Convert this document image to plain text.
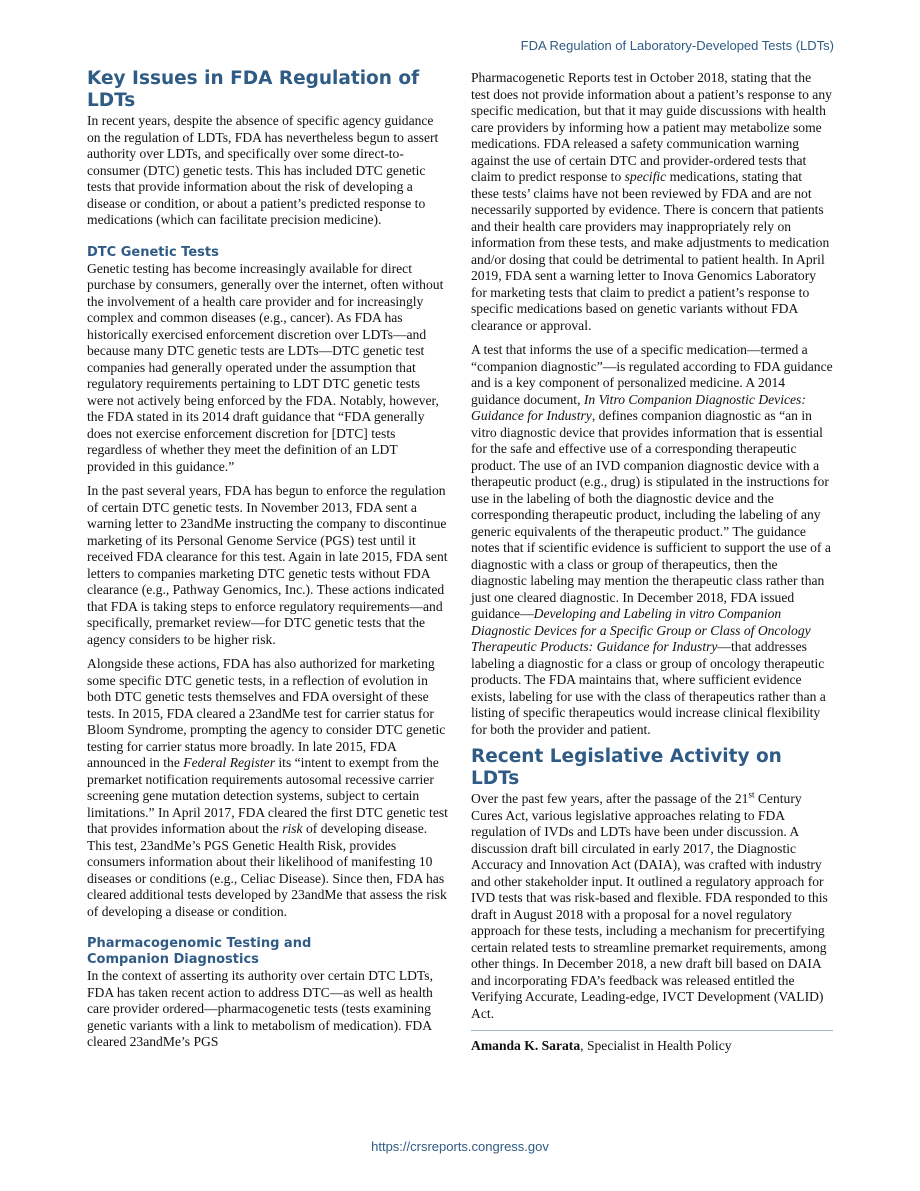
FDA Regulation of Laboratory-Developed Tests (LDTs)
Key Issues in FDA Regulation of LDTs

In recent years, despite the absence of specific agency guidance on the regulation of LDTs, FDA has nevertheless begun to assert authority over LDTs, and specifically over some direct-to-consumer (DTC) genetic tests. This has included DTC genetic tests that provide information about the risk of developing a disease or condition, or about a patient’s predicted response to medications (which can facilitate precision medicine).

DTC Genetic Tests

Genetic testing has become increasingly available for direct purchase by consumers, generally over the internet, often without the involvement of a health care provider and for increasingly complex and common diseases (e.g., cancer). As FDA has historically exercised enforcement discretion over LDTs—and because many DTC genetic tests are LDTs—DTC genetic test companies had generally operated under the assumption that regulatory requirements pertaining to LDT DTC genetic tests were not actively being enforced by the FDA. Notably, however, the FDA stated in its 2014 draft guidance that “FDA generally does not exercise enforcement discretion for [DTC] tests regardless of whether they meet the definition of an LDT provided in this guidance.”

In the past several years, FDA has begun to enforce the regulation of certain DTC genetic tests. In November 2013, FDA sent a warning letter to 23andMe instructing the company to discontinue marketing of its Personal Genome Service (PGS) test until it received FDA clearance for this test. Again in late 2015, FDA sent letters to companies marketing DTC genetic tests without FDA clearance (e.g., Pathway Genomics, Inc.). These actions indicated that FDA is taking steps to enforce regulatory requirements—and specifically, premarket review—for DTC genetic tests that the agency considers to be higher risk.

Alongside these actions, FDA has also authorized for marketing some specific DTC genetic tests, in a reflection of evolution in both DTC genetic tests themselves and FDA oversight of these tests. In 2015, FDA cleared a 23andMe test for carrier status for Bloom Syndrome, prompting the agency to consider DTC genetic testing for carrier status more broadly. In late 2015, FDA announced in the Federal Register its “intent to exempt from the premarket notification requirements autosomal recessive carrier screening gene mutation detection systems, subject to certain limitations.” In April 2017, FDA cleared the first DTC genetic test that provides information about the risk of developing disease. This test, 23andMe’s PGS Genetic Health Risk, provides consumers information about their likelihood of manifesting 10 diseases or conditions (e.g., Celiac Disease). Since then, FDA has cleared additional tests developed by 23andMe that assess the risk of developing a disease or condition.

Pharmacogenomic Testing and
Companion Diagnostics

In the context of asserting its authority over certain DTC LDTs, FDA has taken recent action to address DTC—as well as health care provider ordered—pharmacogenetic tests (tests examining genetic variants with a link to metabolism of medication). FDA cleared 23andMe’s PGS

Pharmacogenetic Reports test in October 2018, stating that the test does not provide information about a patient’s response to any specific medication, but that it may guide discussions with health care providers by informing how a patient may metabolize some medications. FDA released a safety communication warning against the use of certain DTC and provider-ordered tests that claim to predict response to specific medications, stating that these tests’ claims have not been reviewed by FDA and are not necessarily supported by evidence. There is concern that patients and their health care providers may inappropriately rely on information from these tests, and make adjustments to medication and/or dosing that could be detrimental to patient health. In April 2019, FDA sent a warning letter to Inova Genomics Laboratory for marketing tests that claim to predict a patient’s response to specific medications based on genetic variants without FDA clearance or approval.

A test that informs the use of a specific medication—termed a “companion diagnostic”—is regulated according to FDA guidance and is a key component of personalized medicine. A 2014 guidance document, In Vitro Companion Diagnostic Devices: Guidance for Industry, defines companion diagnostic as “an in vitro diagnostic device that provides information that is essential for the safe and effective use of a corresponding therapeutic product. The use of an IVD companion diagnostic device with a therapeutic product (e.g., drug) is stipulated in the instructions for use in the labeling of both the diagnostic device and the corresponding therapeutic product, including the labeling of any generic equivalents of the therapeutic product.” The guidance notes that if scientific evidence is sufficient to support the use of a diagnostic with a class or group of therapeutics, then the diagnostic labeling may mention the therapeutic class rather than just one cleared diagnostic. In December 2018, FDA issued guidance—Developing and Labeling in vitro Companion Diagnostic Devices for a Specific Group or Class of Oncology Therapeutic Products: Guidance for Industry—that addresses labeling a diagnostic for a class or group of oncology therapeutic products. The FDA maintains that, where sufficient evidence exists, labeling for use with the class of therapeutics rather than a listing of specific therapeutics would increase clinical flexibility for both the provider and patient.

Recent Legislative Activity on LDTs

Over the past few years, after the passage of the 21st Century Cures Act, various legislative approaches relating to FDA regulation of IVDs and LDTs have been under discussion. A discussion draft bill circulated in early 2017, the Diagnostic Accuracy and Innovation Act (DAIA), was crafted with industry and other stakeholder input. It outlined a regulatory approach for IVD tests that was risk-based and flexible. FDA responded to this draft in August 2018 with a proposal for a novel regulatory approach for these tests, including a mechanism for precertifying certain related tests to streamline premarket requirements, among other things. In December 2018, a new draft bill based on DAIA and incorporating FDA’s feedback was released entitled the Verifying Accurate, Leading-edge, IVCT Development (VALID) Act.

Amanda K. Sarata, Specialist in Health Policy
https://crsreports.congress.gov
